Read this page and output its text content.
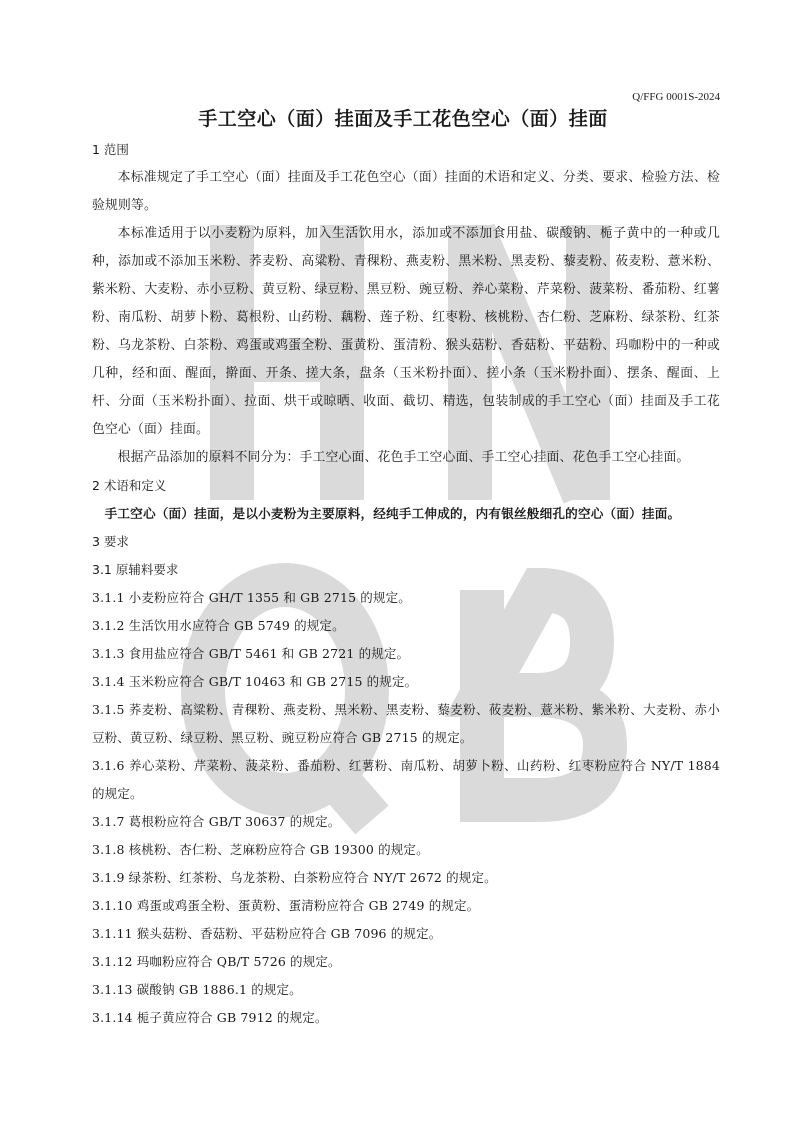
Q/FFG 0001S-2024
手工空心（面）挂面及手工花色空心（面）挂面

1 范围

本标准规定了手工空心（面）挂面及手工花色空心（面）挂面的术语和定义、分类、要求、检验方法、检验规则等。

本标准适用于以小麦粉为原料，加入生活饮用水，添加或不添加食用盐、碳酸钠、栀子黄中的一种或几种，添加或不添加玉米粉、荞麦粉、高粱粉、青稞粉、燕麦粉、黑米粉、黑麦粉、藜麦粉、莜麦粉、薏米粉、紫米粉、大麦粉、赤小豆粉、黄豆粉、绿豆粉、黑豆粉、豌豆粉、养心菜粉、芹菜粉、菠菜粉、番茄粉、红薯粉、南瓜粉、胡萝卜粉、葛根粉、山药粉、藕粉、莲子粉、红枣粉、核桃粉、杏仁粉、芝麻粉、绿茶粉、红茶粉、乌龙茶粉、白茶粉、鸡蛋或鸡蛋全粉、蛋黄粉、蛋清粉、猴头菇粉、香菇粉、平菇粉、玛咖粉中的一种或几种，经和面、醒面，擀面、开条、搓大条，盘条（玉米粉扑面）、搓小条（玉米粉扑面）、摆条、醒面、上杆、分面（玉米粉扑面）、拉面、烘干或晾晒、收面、截切、精选，包装制成的手工空心（面）挂面及手工花色空心（面）挂面。

根据产品添加的原料不同分为：手工空心面、花色手工空心面、手工空心挂面、花色手工空心挂面。

2 术语和定义

手工空心（面）挂面，是以小麦粉为主要原料，经纯手工伸成的，内有银丝般细孔的空心（面）挂面。

3 要求

3.1 原辅料要求

3.1.1 小麦粉应符合 GH/T 1355 和 GB 2715 的规定。

3.1.2 生活饮用水应符合 GB 5749 的规定。

3.1.3 食用盐应符合 GB/T 5461 和 GB 2721 的规定。

3.1.4 玉米粉应符合 GB/T 10463 和 GB 2715 的规定。

3.1.5 荞麦粉、高粱粉、青稞粉、燕麦粉、黑米粉、黑麦粉、藜麦粉、莜麦粉、薏米粉、紫米粉、大麦粉、赤小豆粉、黄豆粉、绿豆粉、黑豆粉、豌豆粉应符合 GB 2715 的规定。

3.1.6 养心菜粉、芹菜粉、菠菜粉、番茄粉、红薯粉、南瓜粉、胡萝卜粉、山药粉、红枣粉应符合 NY/T 1884 的规定。

3.1.7 葛根粉应符合 GB/T 30637 的规定。

3.1.8 核桃粉、杏仁粉、芝麻粉应符合 GB 19300 的规定。

3.1.9 绿茶粉、红茶粉、乌龙茶粉、白茶粉应符合 NY/T 2672 的规定。

3.1.10 鸡蛋或鸡蛋全粉、蛋黄粉、蛋清粉应符合 GB 2749 的规定。

3.1.11 猴头菇粉、香菇粉、平菇粉应符合 GB 7096 的规定。

3.1.12 玛咖粉应符合 QB/T 5726 的规定。

3.1.13 碳酸钠 GB 1886.1 的规定。

3.1.14 栀子黄应符合 GB 7912 的规定。
